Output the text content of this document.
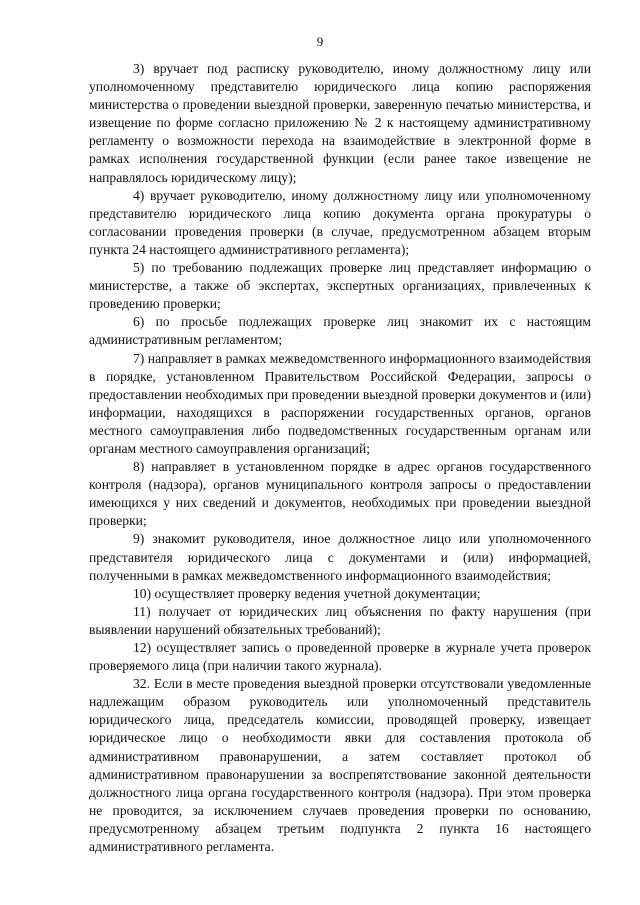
9

3) вручает под расписку руководителю, иному должностному лицу или уполномоченному представителю юридического лица копию распоряжения министерства о проведении выездной проверки, заверенную печатью министерства, и извещение по форме согласно приложению № 2 к настоящему административному регламенту о возможности перехода на взаимодействие в электронной форме в рамках исполнения государственной функции (если ранее такое извещение не направлялось юридическому лицу);

4) вручает руководителю, иному должностному лицу или уполномоченному представителю юридического лица копию документа органа прокуратуры о согласовании проведения проверки (в случае, предусмотренном абзацем вторым пункта 24 настоящего административного регламента);

5) по требованию подлежащих проверке лиц представляет информацию о министерстве, а также об экспертах, экспертных организациях, привлеченных к проведению проверки;

6) по просьбе подлежащих проверке лиц знакомит их с настоящим административным регламентом;

7) направляет в рамках межведомственного информационного взаимодействия в порядке, установленном Правительством Российской Федерации, запросы о предоставлении необходимых при проведении выездной проверки документов и (или) информации, находящихся в распоряжении государственных органов, органов местного самоуправления либо подведомственных государственным органам или органам местного самоуправления организаций;

8) направляет в установленном порядке в адрес органов государственного контроля (надзора), органов муниципального контроля запросы о предоставлении имеющихся у них сведений и документов, необходимых при проведении выездной проверки;

9) знакомит руководителя, иное должностное лицо или уполномоченного представителя юридического лица с документами и (или) информацией, полученными в рамках межведомственного информационного взаимодействия;

10) осуществляет проверку ведения учетной документации;

11) получает от юридических лиц объяснения по факту нарушения (при выявлении нарушений обязательных требований);

12) осуществляет запись о проведенной проверке в журнале учета проверок проверяемого лица (при наличии такого журнала).

32. Если в месте проведения выездной проверки отсутствовали уведомленные надлежащим образом руководитель или уполномоченный представитель юридического лица, председатель комиссии, проводящей проверку, извещает юридическое лицо о необходимости явки для составления протокола об административном правонарушении, а затем составляет протокол об административном правонарушении за воспрепятствование законной деятельности должностного лица органа государственного контроля (надзора). При этом проверка не проводится, за исключением случаев проведения проверки по основанию, предусмотренному абзацем третьим подпункта 2 пункта 16 настоящего административного регламента.
